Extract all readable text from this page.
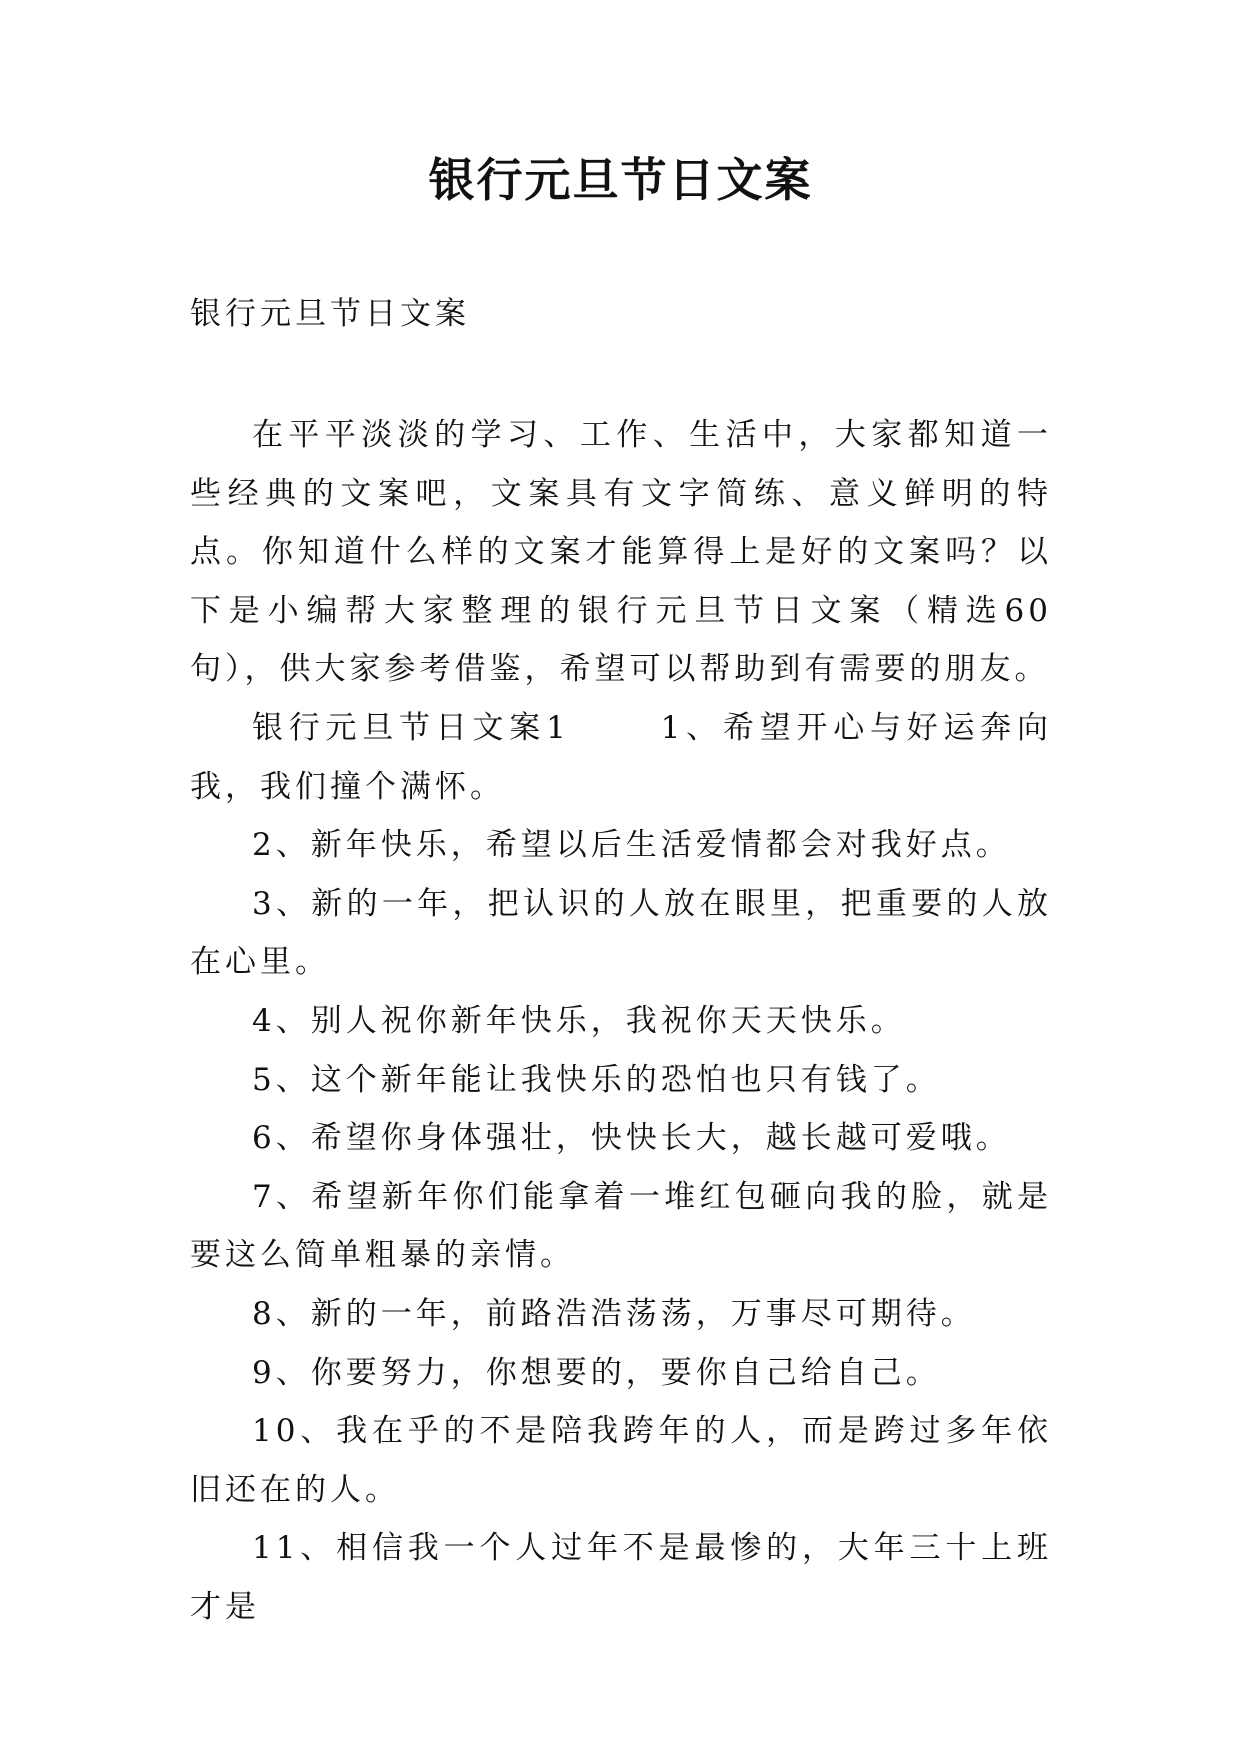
银行元旦节日文案
银行元旦节日文案

在平平淡淡的学习、工作、生活中，大家都知道一些经典的文案吧，文案具有文字简练、意义鲜明的特点。你知道什么样的文案才能算得上是好的文案吗？以下是小编帮大家整理的银行元旦节日文案（精选60句），供大家参考借鉴，希望可以帮助到有需要的朋友。

银行元旦节日文案1　　 1、希望开心与好运奔向我，我们撞个满怀。

2、新年快乐，希望以后生活爱情都会对我好点。

3、新的一年，把认识的人放在眼里，把重要的人放在心里。

4、别人祝你新年快乐，我祝你天天快乐。

5、这个新年能让我快乐的恐怕也只有钱了。

6、希望你身体强壮，快快长大，越长越可爱哦。

7、希望新年你们能拿着一堆红包砸向我的脸，就是要这么简单粗暴的亲情。

8、新的一年，前路浩浩荡荡，万事尽可期待。

9、你要努力，你想要的，要你自己给自己。

10、我在乎的不是陪我跨年的人，而是跨过多年依旧还在的人。

11、相信我一个人过年不是最惨的，大年三十上班才是
